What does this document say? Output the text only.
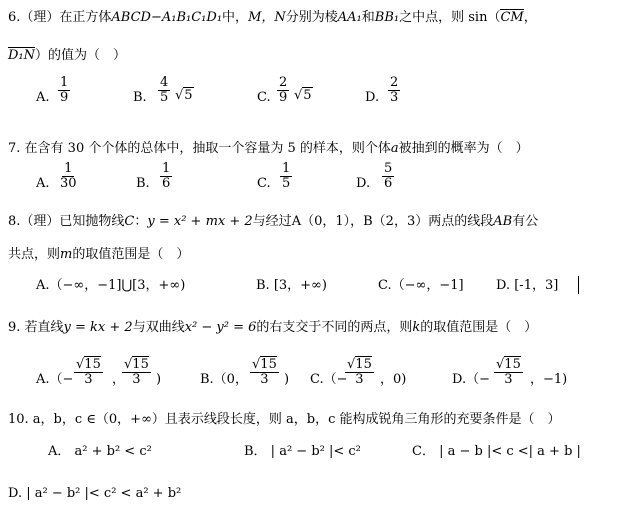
6.（理）在正方体ABCD−A₁B₁C₁D₁中，M，N分别为棱AA₁和BB₁之中点，则 sin（CM，
D₁N）的值为（　）
A. $\frac{1}{9}$	B. $\frac{4}{5} √5$	C. $\frac{2}{9} √5$	D. $\frac{2}{3}$
7. 在含有 30 个个体的总体中，抽取一个容量为 5 的样本，则个体a被抽到的概率为（　）
A. $\frac{1}{30}$	B. $\frac{1}{6}$	C. $\frac{1}{5}$	D. $\frac{5}{6}$
8.（理）已知抛物线C：y = x² + mx + 2与经过A（0，1），B（2，3）两点的线段AB有公
共点，则m的取值范围是（　）
A.（−∞，−1]⋃[3，+∞)	B. [3，+∞)	C.（−∞，−1] D. [-1，3]
9. 若直线y = kx + 2与双曲线x² − y² = 6的右支交于不同的两点，则k的取值范围是（　）
$A.(- \frac{√15}{3}$ ，
$\frac{√15}{3}$ )	B.（0， $\frac{√15}{3}$ ) C.（−
$\frac{√15}{3}$ ，0)	$D.(- \frac{√15}{3}$ ，−1)
10. a，b，c ∈（0，+∞）且表示线段长度，则 a，b，c 能构成锐角三角形的充要条件是（　）
A． a² + b² < c²	B． | a² − b² |< c²	C． | a − b |< c <| a + b |
D. | a² − b² |< c² < a² + b²
